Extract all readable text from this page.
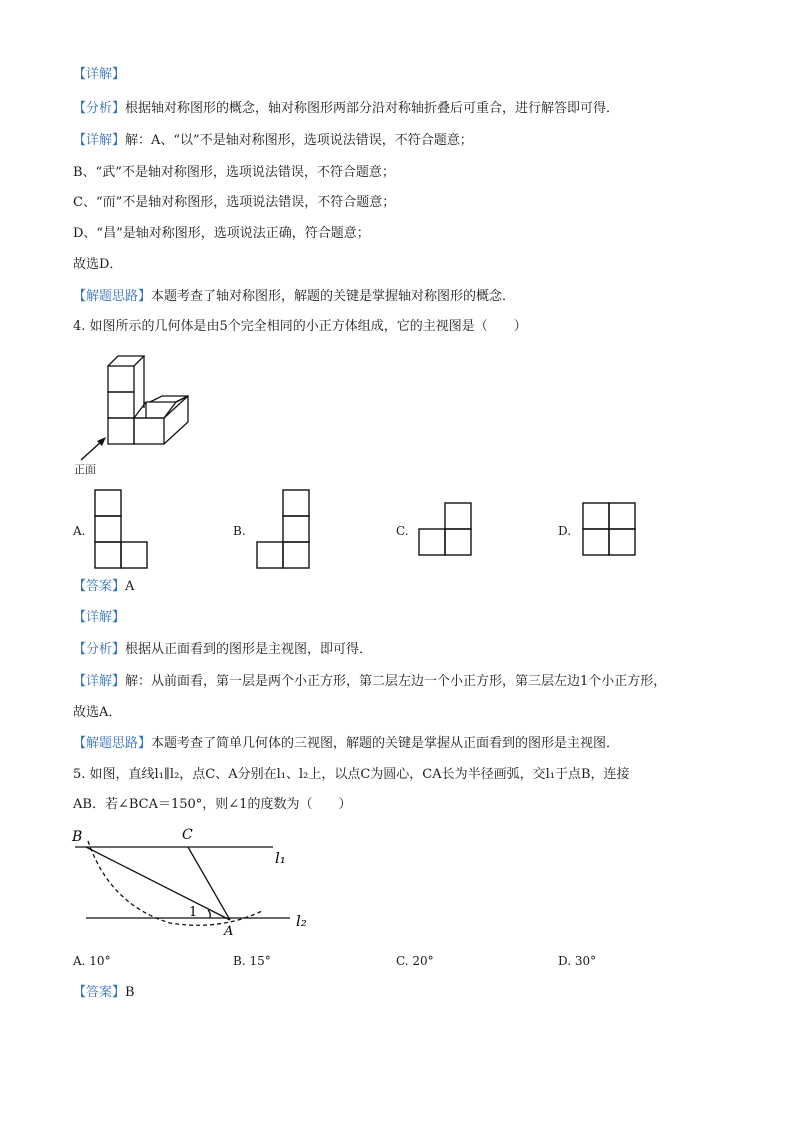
【详解】
【分析】根据轴对称图形的概念，轴对称图形两部分沿对称轴折叠后可重合，进行解答即可得．
【详解】解：A、“以”不是轴对称图形，选项说法错误，不符合题意；
B、“武”不是轴对称图形，选项说法错误，不符合题意；
C、“而”不是轴对称图形，选项说法错误，不符合题意；
D、“昌”是轴对称图形，选项说法正确，符合题意；
故选D．
【解题思路】本题考查了轴对称图形，解题的关键是掌握轴对称图形的概念．
4. 如图所示的几何体是由5个完全相同的小正方体组成，它的主视图是（　　）
正面
A.	B.	C.	D.
【答案】A
【详解】
【分析】根据从正面看到的图形是主视图，即可得．
【详解】解：从前面看，第一层是两个小正方形，第二层左边一个小正方形，第三层左边1个小正方形，
故选A．
【解题思路】本题考查了简单几何体的三视图，解题的关键是掌握从正面看到的图形是主视图．
5. 如图，直线l₁∥l₂，点C、A分别在l₁、l₂上，以点C为圆心，CA长为半径画弧，交l₁于点B，连接
AB．若∠BCA＝150°，则∠1的度数为（　　）
B	C
A
1
l₁
l₂
A. 10°	B. 15°	C. 20°	D. 30°
【答案】B
